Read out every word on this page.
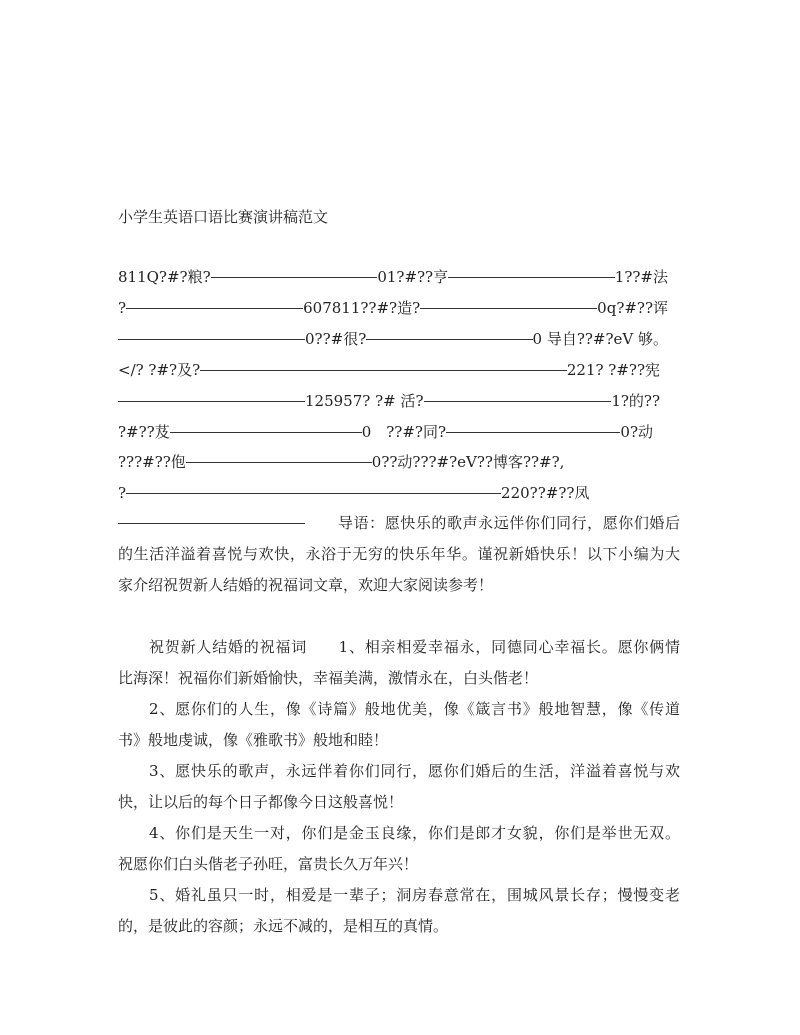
小学生英语口语比赛演讲稿范文
811Q?#?粮?	01?#??亨	1??#法
?	607811??#?造?	0q?#??诨
0??#很?	0 导自??#?eV 够。
</? ?#?及?	221? ?#??宪
125957? ?# 活?	1?的??
?#??芨	0　??#?同?	0?动
???#??佨	0??动???#?eV??博客??#?,
?	220??#??凤
导语：愿快乐的歌声永远伴你们同行，愿你们婚后
的生活洋溢着喜悦与欢快，永浴于无穷的快乐年华。谨祝新婚快乐！以下小编为大
家介绍祝贺新人结婚的祝福词文章，欢迎大家阅读参考！
祝贺新人结婚的祝福词　　1、相亲相爱幸福永，同德同心幸福长。愿你俩情
比海深！祝福你们新婚愉快，幸福美满，激情永在，白头偕老！
2、愿你们的人生，像《诗篇》般地优美，像《箴言书》般地智慧，像《传道
书》般地虔诚，像《雅歌书》般地和睦！
3、愿快乐的歌声，永远伴着你们同行，愿你们婚后的生活，洋溢着喜悦与欢
快，让以后的每个日子都像今日这般喜悦！
4、你们是天生一对，你们是金玉良缘，你们是郎才女貌，你们是举世无双。
祝愿你们白头偕老子孙旺，富贵长久万年兴！
5、婚礼虽只一时，相爱是一辈子；洞房春意常在，围城风景长存；慢慢变老
的，是彼此的容颜；永远不减的，是相互的真情。
